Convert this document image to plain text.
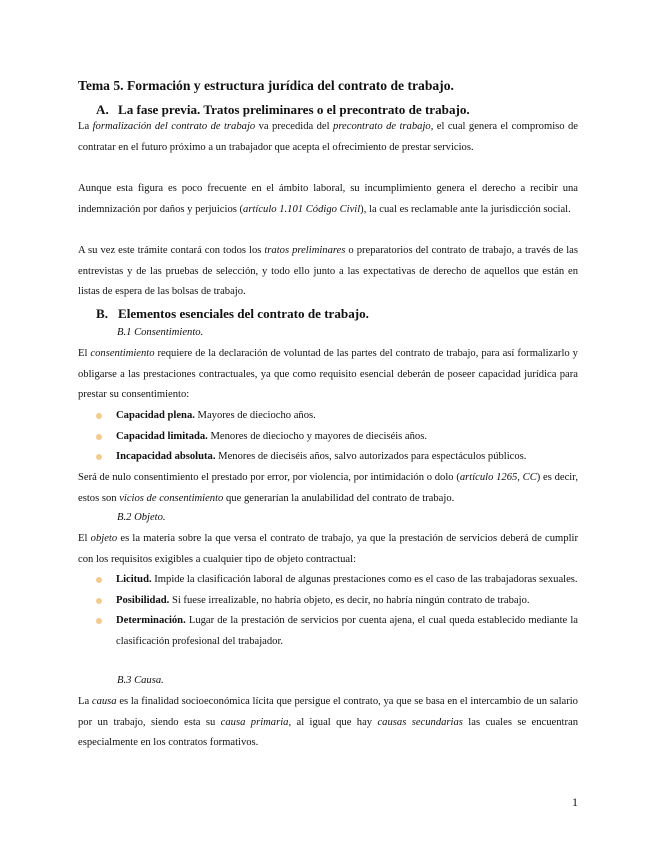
Tema 5. Formación y estructura jurídica del contrato de trabajo.
A. La fase previa. Tratos preliminares o el precontrato de trabajo.

La formalización del contrato de trabajo va precedida del precontrato de trabajo, el cual genera el compromiso de contratar en el futuro próximo a un trabajador que acepta el ofrecimiento de prestar servicios.

Aunque esta figura es poco frecuente en el ámbito laboral, su incumplimiento genera el derecho a recibir una indemnización por daños y perjuicios (artículo 1.101 Código Civil), la cual es reclamable ante la jurisdicción social.

A su vez este trámite contará con todos los tratos preliminares o preparatorios del contrato de trabajo, a través de las entrevistas y de las pruebas de selección, y todo ello junto a las expectativas de derecho de aquellos que están en listas de espera de las bolsas de trabajo.

B. Elementos esenciales del contrato de trabajo.
B.1 Consentimiento.

El consentimiento requiere de la declaración de voluntad de las partes del contrato de trabajo, para así formalizarlo y obligarse a las prestaciones contractuales, ya que como requisito esencial deberán de poseer capacidad jurídica para prestar su consentimiento:

Capacidad plena. Mayores de dieciocho años.
Capacidad limitada. Menores de dieciocho y mayores de dieciséis años.
Incapacidad absoluta. Menores de dieciséis años, salvo autorizados para espectáculos públicos.

Será de nulo consentimiento el prestado por error, por violencia, por intimidación o dolo (artículo 1265, CC) es decir, estos son vicios de consentimiento que generarían la anulabilidad del contrato de trabajo.

B.2 Objeto.

El objeto es la materia sobre la que versa el contrato de trabajo, ya que la prestación de servicios deberá de cumplir con los requisitos exigibles a cualquier tipo de objeto contractual:

Licitud. Impide la clasificación laboral de algunas prestaciones como es el caso de las trabajadoras sexuales.
Posibilidad. Si fuese irrealizable, no habría objeto, es decir, no habría ningún contrato de trabajo.
Determinación. Lugar de la prestación de servicios por cuenta ajena, el cual queda establecido mediante la clasificación profesional del trabajador.
B.3 Causa.

La causa es la finalidad socioeconómica lícita que persigue el contrato, ya que se basa en el intercambio de un salario por un trabajo, siendo esta su causa primaria, al igual que hay causas secundarias las cuales se encuentran especialmente en los contratos formativos.

1
